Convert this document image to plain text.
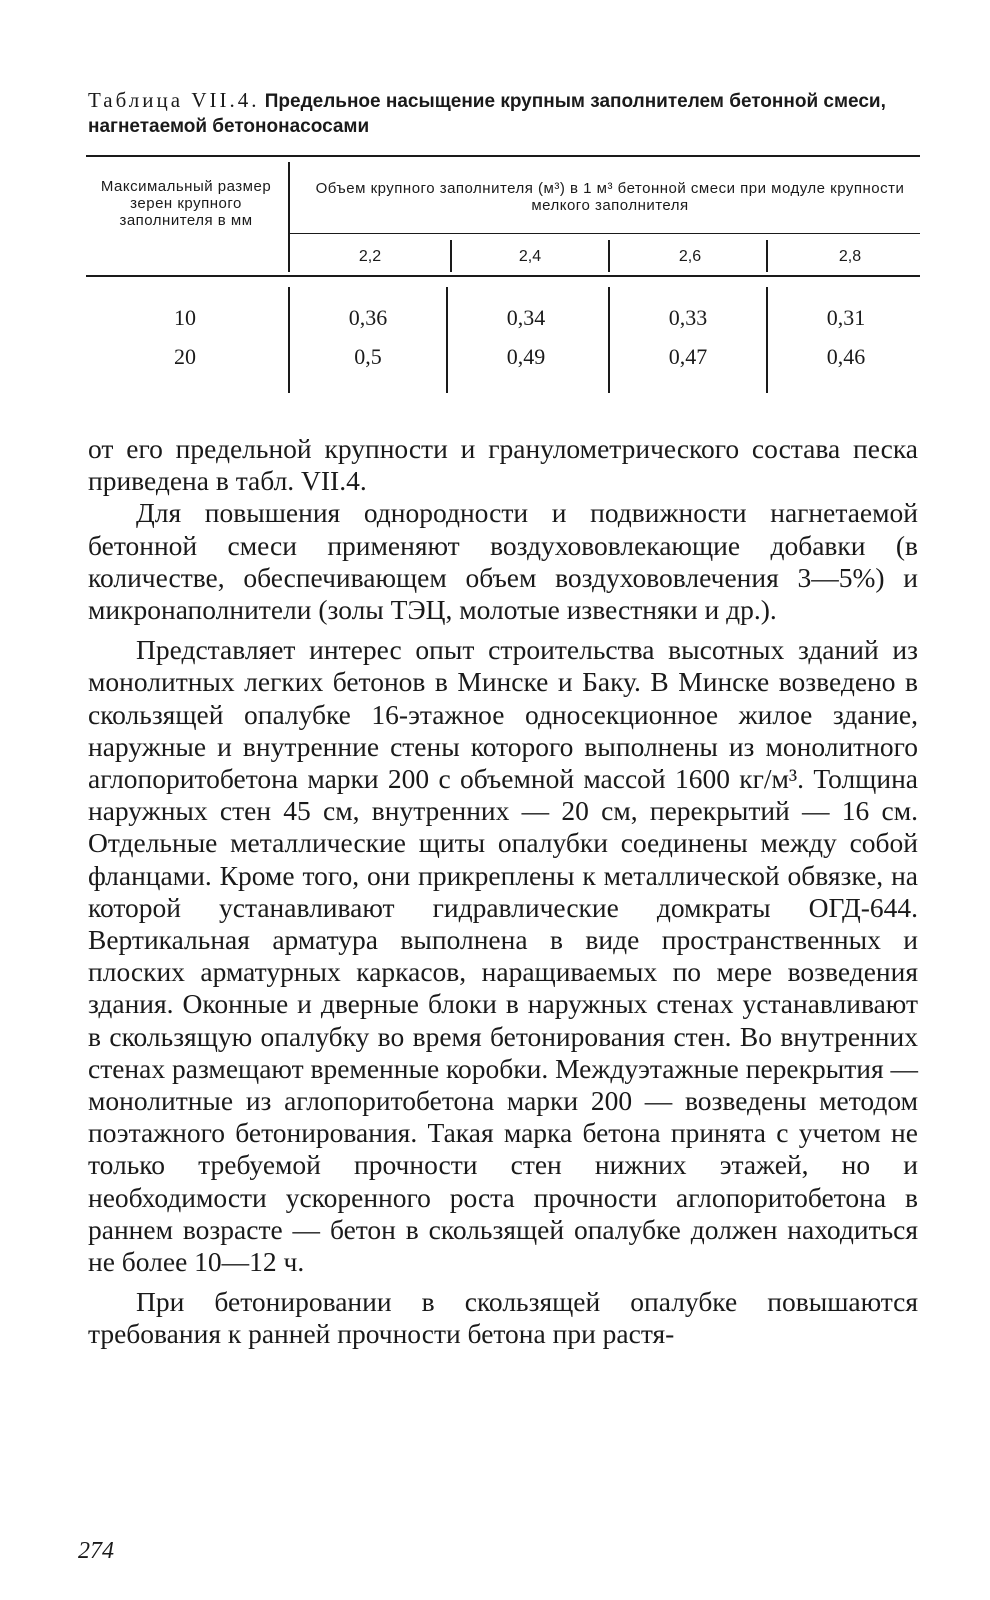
Таблица VII.4. Предельное насыщение крупным заполнителем бетонной смеси, нагнетаемой бетононасосами
Максимальный размер зерен крупного заполнителя в мм
Объем крупного заполнителя (м³) в 1 м³ бетонной смеси при модуле крупности мелкого заполнителя
2,2	2,4	2,6	2,8
10	0,36	0,34	0,33	0,31
20	0,5	0,49	0,47	0,46

от его предельной крупности и гранулометрического состава песка приведена в табл. VII.4.

Для повышения однородности и подвижности нагнетаемой бетонной смеси применяют воздухововлекающие добавки (в количестве, обеспечивающем объем воздухововлечения 3—5%) и микронаполнители (золы ТЭЦ, молотые известняки и др.).

Представляет интерес опыт строительства высотных зданий из монолитных легких бетонов в Минске и Баку. В Минске возведено в скользящей опалубке 16-этажное односекционное жилое здание, наружные и внутренние стены которого выполнены из монолитного аглопоритобетона марки 200 с объемной массой 1600 кг/м³. Толщина наружных стен 45 см, внутренних — 20 см, перекрытий — 16 см. Отдельные металлические щиты опалубки соединены между собой фланцами. Кроме того, они прикреплены к металлической обвязке, на которой устанавливают гидравлические домкраты ОГД-644. Вертикальная арматура выполнена в виде пространственных и плоских арматурных каркасов, наращиваемых по мере возведения здания. Оконные и дверные блоки в наружных стенах устанавливают в скользящую опалубку во время бетонирования стен. Во внутренних стенах размещают временные коробки. Междуэтажные перекрытия — монолитные из аглопоритобетона марки 200 — возведены методом поэтажного бетонирования. Такая марка бетона принята с учетом не только требуемой прочности стен нижних этажей, но и необходимости ускоренного роста прочности аглопоритобетона в раннем возрасте — бетон в скользящей опалубке должен находиться не более 10—12 ч.

При бетонировании в скользящей опалубке повышаются требования к ранней прочности бетона при растя-

274
